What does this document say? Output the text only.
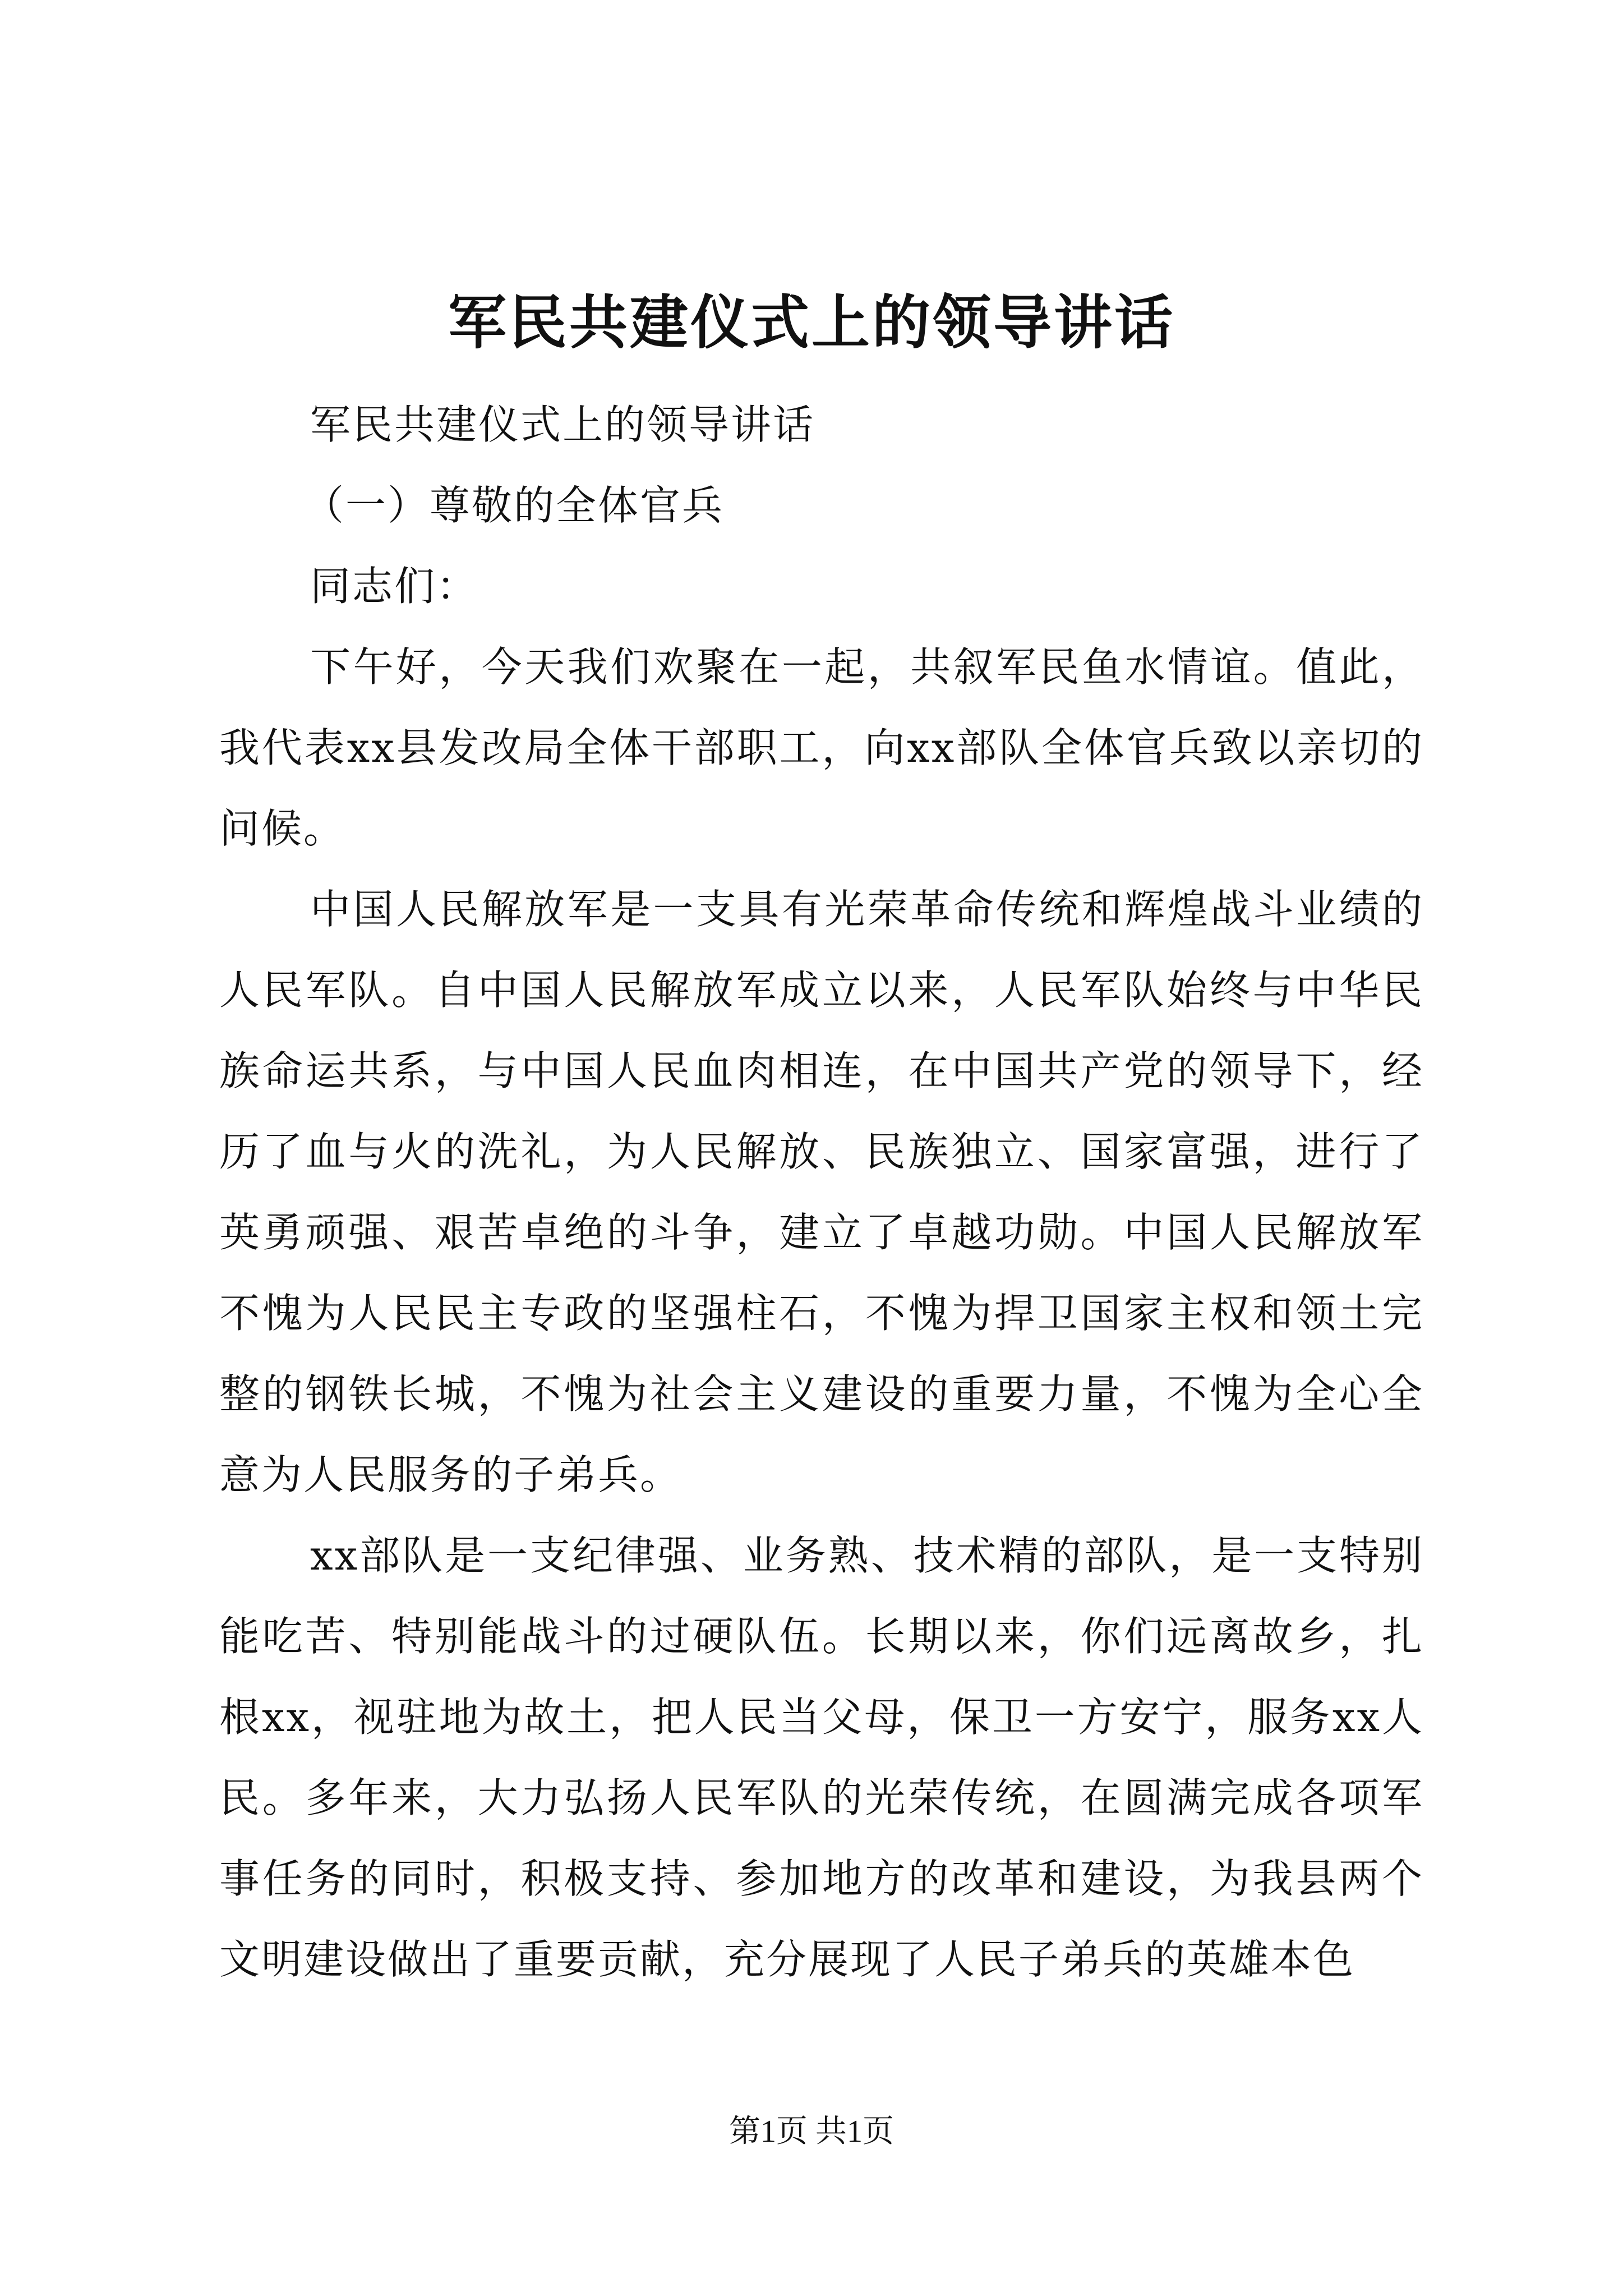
军民共建仪式上的领导讲话

军民共建仪式上的领导讲话

（一）尊敬的全体官兵

同志们：

下午好，今天我们欢聚在一起，共叙军民鱼水情谊。值此，我代表xx县发改局全体干部职工，向xx部队全体官兵致以亲切的问候。

中国人民解放军是一支具有光荣革命传统和辉煌战斗业绩的人民军队。自中国人民解放军成立以来，人民军队始终与中华民族命运共系，与中国人民血肉相连，在中国共产党的领导下，经历了血与火的洗礼，为人民解放、民族独立、国家富强，进行了英勇顽强、艰苦卓绝的斗争，建立了卓越功勋。中国人民解放军不愧为人民民主专政的坚强柱石，不愧为捍卫国家主权和领土完整的钢铁长城，不愧为社会主义建设的重要力量，不愧为全心全意为人民服务的子弟兵。

xx部队是一支纪律强、业务熟、技术精的部队，是一支特别能吃苦、特别能战斗的过硬队伍。长期以来，你们远离故乡，扎根xx，视驻地为故土，把人民当父母，保卫一方安宁，服务xx人民。多年来，大力弘扬人民军队的光荣传统，在圆满完成各项军事任务的同时，积极支持、参加地方的改革和建设，为我县两个文明建设做出了重要贡献，充分展现了人民子弟兵的英雄本色

第1页 共1页
